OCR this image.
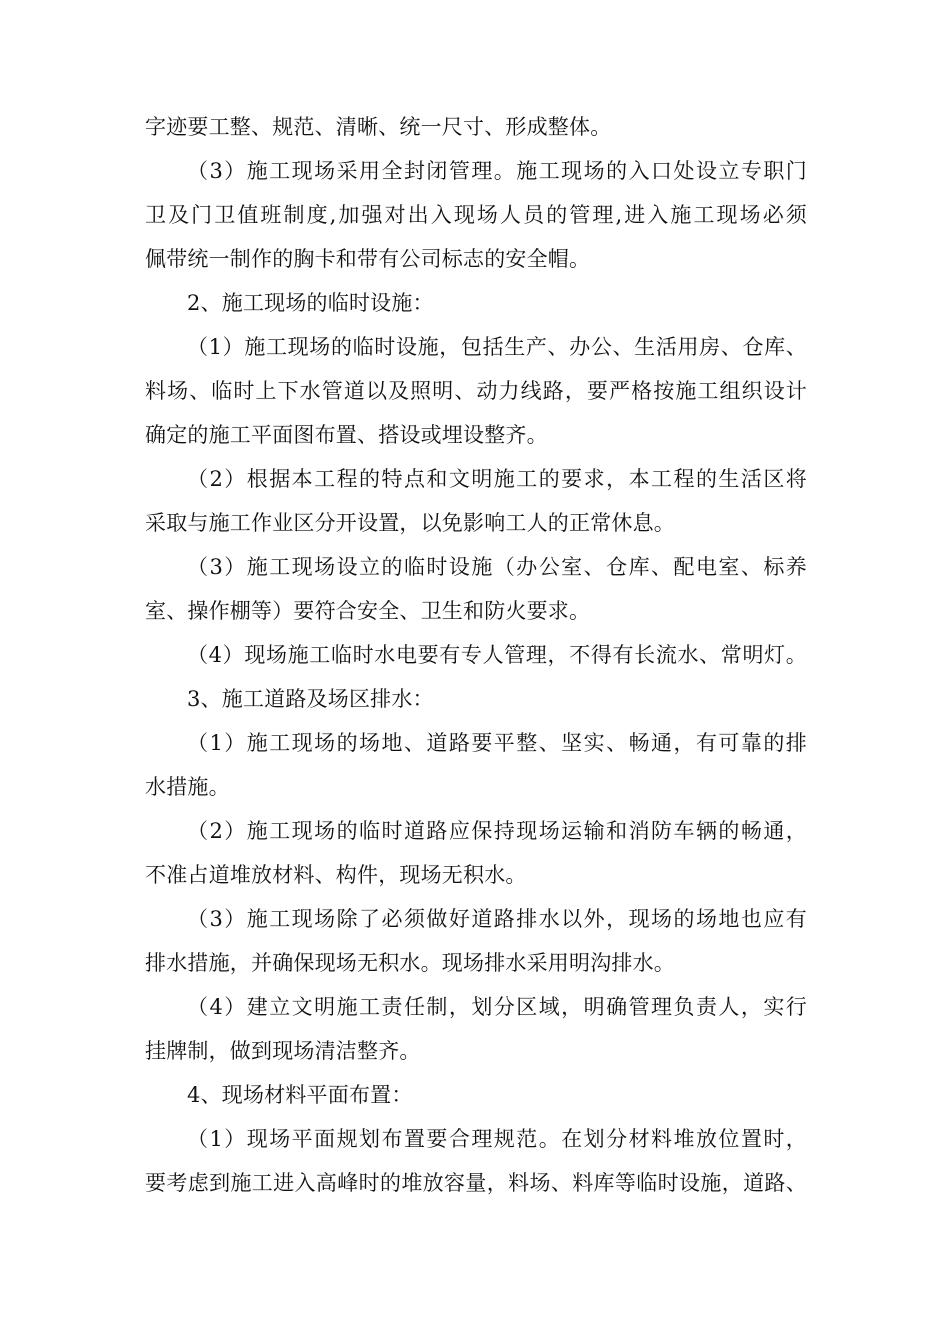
字迹要工整、规范、清晰、统一尺寸、形成整体。
（3）施工现场采用全封闭管理。施工现场的入口处设立专职门
卫及门卫值班制度,加强对出入现场人员的管理,进入施工现场必须
佩带统一制作的胸卡和带有公司标志的安全帽。
2、施工现场的临时设施：
（1）施工现场的临时设施，包括生产、办公、生活用房、仓库、
料场、临时上下水管道以及照明、动力线路，要严格按施工组织设计
确定的施工平面图布置、搭设或埋设整齐。
（2）根据本工程的特点和文明施工的要求，本工程的生活区将
采取与施工作业区分开设置，以免影响工人的正常休息。
（3）施工现场设立的临时设施（办公室、仓库、配电室、标养
室、操作棚等）要符合安全、卫生和防火要求。
（4）现场施工临时水电要有专人管理，不得有长流水、常明灯。
3、施工道路及场区排水：
（1）施工现场的场地、道路要平整、坚实、畅通，有可靠的排
水措施。
（2）施工现场的临时道路应保持现场运输和消防车辆的畅通，
不准占道堆放材料、构件，现场无积水。
（3）施工现场除了必须做好道路排水以外，现场的场地也应有
排水措施，并确保现场无积水。现场排水采用明沟排水。
（4）建立文明施工责任制，划分区域，明确管理负责人，实行
挂牌制，做到现场清洁整齐。
4、现场材料平面布置：
（1）现场平面规划布置要合理规范。在划分材料堆放位置时，
要考虑到施工进入高峰时的堆放容量，料场、料库等临时设施，道路、
